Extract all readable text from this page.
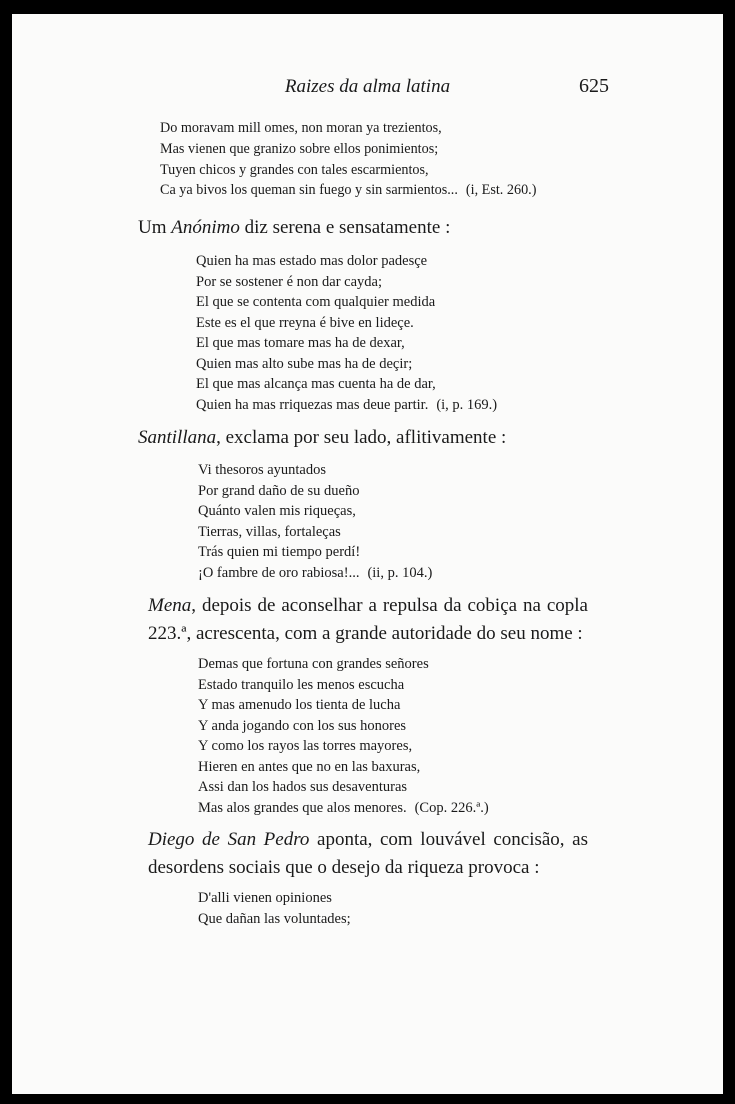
Raizes da alma latina	625
Do moravam mill omes, non moran ya trezientos,
Mas vienen que granizo sobre ellos ponimientos;
Tuyen chicos y grandes con tales escarmientos,
Ca ya bivos los queman sin fuego y sin sarmientos... (i, Est. 260.)
Um Anónimo diz serena e sensatamente :
Quien ha mas estado mas dolor padesçe
Por se sostener é non dar cayda;
El que se contenta com qualquier medida
Este es el que rreyna é bive en lideçe.
El que mas tomare mas ha de dexar,
Quien mas alto sube mas ha de deçir;
El que mas alcança mas cuenta ha de dar,
Quien ha mas rriquezas mas deue partir. (i, p. 169.)
Santillana, exclama por seu lado, aflitivamente :
Vi thesoros ayuntados
Por grand daño de su dueño
Quánto valen mis riqueças,
Tierras, villas, fortaleças
Trás quien mi tiempo perdí!
¡O fambre de oro rabiosa!... (ii, p. 104.)
Mena, depois de aconselhar a repulsa da cobiça na copla
223.ª, acrescenta, com a grande autoridade do seu nome :
Demas que fortuna con grandes señores
Estado tranquilo les menos escucha
Y mas amenudo los tienta de lucha
Y anda jogando con los sus honores
Y como los rayos las torres mayores,
Hieren en antes que no en las baxuras,
Assi dan los hados sus desaventuras
Mas alos grandes que alos menores. (Cop. 226.ª.)
Diego de San Pedro aponta, com louvável concisão, as
desordens sociais que o desejo da riqueza provoca :
D'alli vienen opiniones
Que dañan las voluntades;
